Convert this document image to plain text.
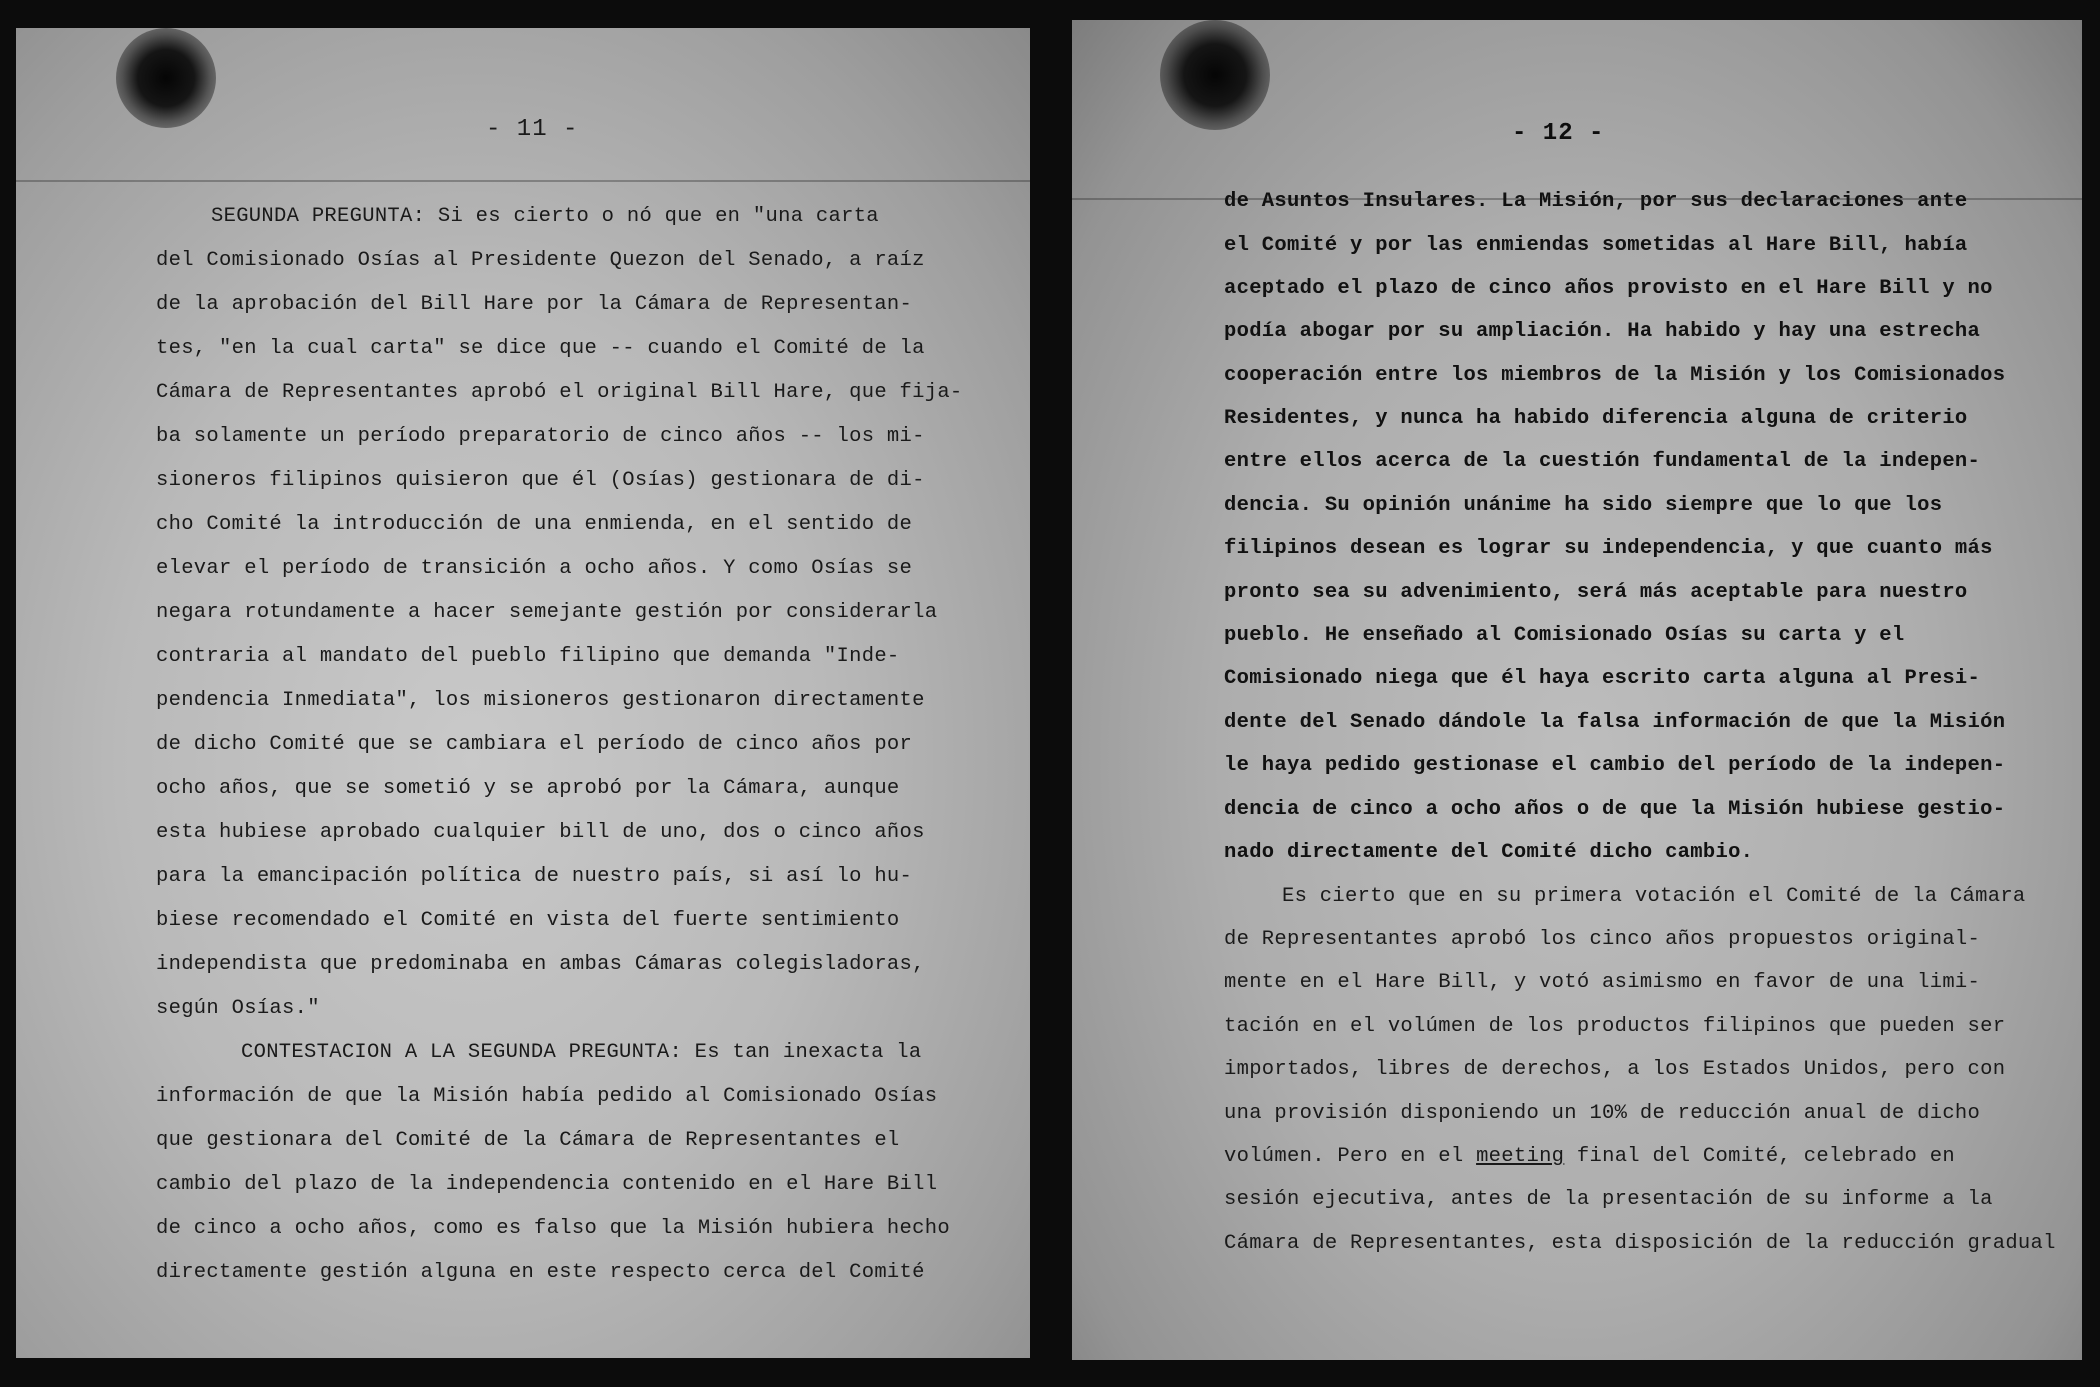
- 11 -
SEGUNDA PREGUNTA: Si es cierto o nó que en "una carta
del Comisionado Osías al Presidente Quezon del Senado, a raíz
de la aprobación del Bill Hare por la Cámara de Representan-
tes, "en la cual carta" se dice que -- cuando el Comité de la
Cámara de Representantes aprobó el original Bill Hare, que fija-
ba solamente un período preparatorio de cinco años -- los mi-
sioneros filipinos quisieron que él (Osías) gestionara de di-
cho Comité la introducción de una enmienda, en el sentido de
elevar el período de transición a ocho años. Y como Osías se
negara rotundamente a hacer semejante gestión por considerarla
contraria al mandato del pueblo filipino que demanda "Inde-
pendencia Inmediata", los misioneros gestionaron directamente
de dicho Comité que se cambiara el período de cinco años por
ocho años, que se sometió y se aprobó por la Cámara, aunque
esta hubiese aprobado cualquier bill de uno, dos o cinco años
para la emancipación política de nuestro país, si así lo hu-
biese recomendado el Comité en vista del fuerte sentimiento
independista que predominaba en ambas Cámaras colegisladoras,
según Osías."
CONTESTACION A LA SEGUNDA PREGUNTA: Es tan inexacta la
información de que la Misión había pedido al Comisionado Osías
que gestionara del Comité de la Cámara de Representantes el
cambio del plazo de la independencia contenido en el Hare Bill
de cinco a ocho años, como es falso que la Misión hubiera hecho
directamente gestión alguna en este respecto cerca del Comité
- 12 -
de Asuntos Insulares. La Misión, por sus declaraciones ante
el Comité y por las enmiendas sometidas al Hare Bill, había
aceptado el plazo de cinco años provisto en el Hare Bill y no
podía abogar por su ampliación. Ha habido y hay una estrecha
cooperación entre los miembros de la Misión y los Comisionados
Residentes, y nunca ha habido diferencia alguna de criterio
entre ellos acerca de la cuestión fundamental de la indepen-
dencia. Su opinión unánime ha sido siempre que lo que los
filipinos desean es lograr su independencia, y que cuanto más
pronto sea su advenimiento, será más aceptable para nuestro
pueblo. He enseñado al Comisionado Osías su carta y el
Comisionado niega que él haya escrito carta alguna al Presi-
dente del Senado dándole la falsa información de que la Misión
le haya pedido gestionase el cambio del período de la indepen-
dencia de cinco a ocho años o de que la Misión hubiese gestio-
nado directamente del Comité dicho cambio.
Es cierto que en su primera votación el Comité de la Cámara
de Representantes aprobó los cinco años propuestos original-
mente en el Hare Bill, y votó asimismo en favor de una limi-
tación en el volúmen de los productos filipinos que pueden ser
importados, libres de derechos, a los Estados Unidos, pero con
una provisión disponiendo un 10% de reducción anual de dicho
volúmen. Pero en el meeting final del Comité, celebrado en
sesión ejecutiva, antes de la presentación de su informe a la
Cámara de Representantes, esta disposición de la reducción gradual
